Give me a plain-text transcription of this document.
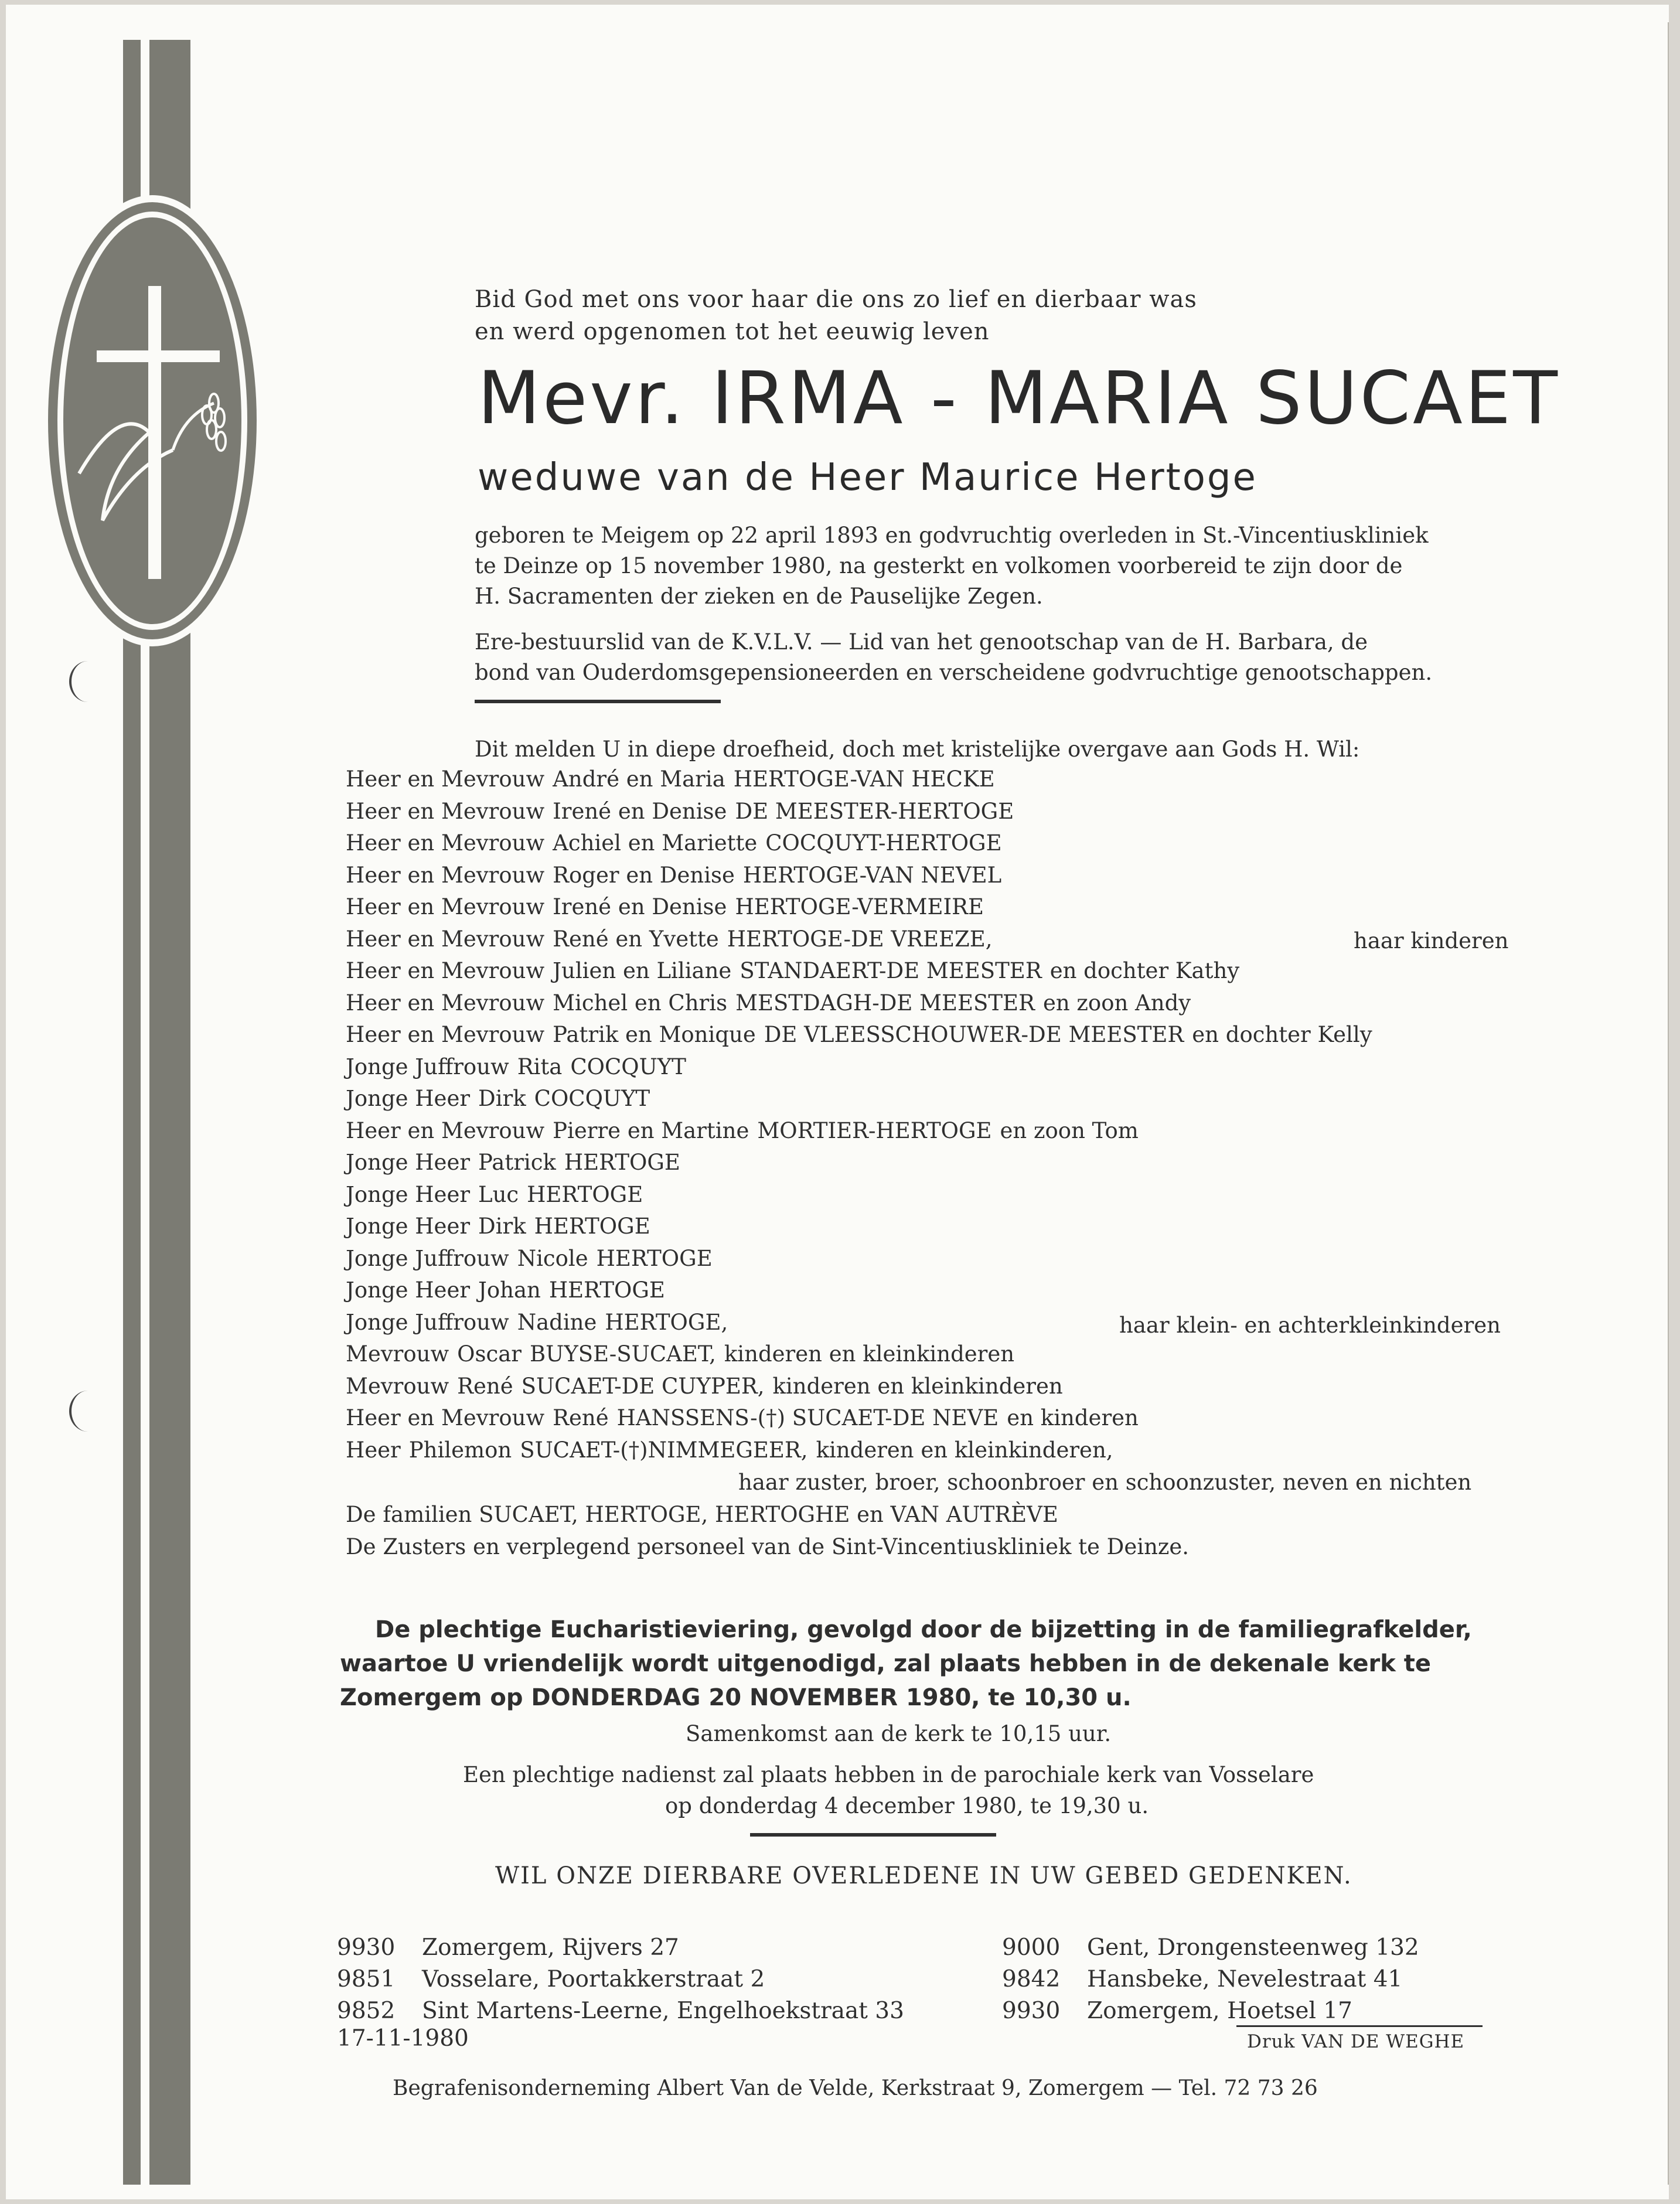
Bid God met ons voor haar die ons zo lief en dierbaar was
en werd opgenomen tot het eeuwig leven
Mevr. IRMA - MARIA SUCAET
weduwe van de Heer Maurice Hertoge
geboren te Meigem op 22 april 1893 en godvruchtig overleden in St.-Vincentiuskliniek
te Deinze op 15 november 1980, na gesterkt en volkomen voorbereid te zijn door de
H. Sacramenten der zieken en de Pauselijke Zegen.
Ere-bestuurslid van de K.V.L.V. — Lid van het genootschap van de H. Barbara, de
bond van Ouderdomsgepensioneerden en verscheidene godvruchtige genootschappen.
Dit melden U in diepe droefheid, doch met kristelijke overgave aan Gods H. Wil:
Heer en Mevrouw André en Maria HERTOGE-VAN HECKE
Heer en Mevrouw Irené en Denise DE MEESTER-HERTOGE
Heer en Mevrouw Achiel en Mariette COCQUYT-HERTOGE
Heer en Mevrouw Roger en Denise HERTOGE-VAN NEVEL
Heer en Mevrouw Irené en Denise HERTOGE-VERMEIRE
Heer en Mevrouw René en Yvette HERTOGE-DE VREEZE,
Heer en Mevrouw Julien en Liliane STANDAERT-DE MEESTER en dochter Kathy
Heer en Mevrouw Michel en Chris MESTDAGH-DE MEESTER en zoon Andy
Heer en Mevrouw Patrik en Monique DE VLEESSCHOUWER-DE MEESTER en dochter Kelly
Jonge Juffrouw Rita COCQUYT
Jonge Heer Dirk COCQUYT
Heer en Mevrouw Pierre en Martine MORTIER-HERTOGE en zoon Tom
Jonge Heer Patrick HERTOGE
Jonge Heer Luc HERTOGE
Jonge Heer Dirk HERTOGE
Jonge Juffrouw Nicole HERTOGE
Jonge Heer Johan HERTOGE
Jonge Juffrouw Nadine HERTOGE,
Mevrouw Oscar BUYSE-SUCAET, kinderen en kleinkinderen
Mevrouw René SUCAET-DE CUYPER, kinderen en kleinkinderen
Heer en Mevrouw René HANSSENS-(†) SUCAET-DE NEVE en kinderen
Heer Philemon SUCAET-(†)NIMMEGEER, kinderen en kleinkinderen,
haar kinderen
haar klein- en achterkleinkinderen
haar zuster, broer, schoonbroer en schoonzuster, neven en nichten
De familien SUCAET, HERTOGE, HERTOGHE en VAN AUTRÈVE
De Zusters en verplegend personeel van de Sint-Vincentiuskliniek te Deinze.
De plechtige Eucharistieviering, gevolgd door de bijzetting in de familiegrafkelder,
waartoe U vriendelijk wordt uitgenodigd, zal plaats hebben in de dekenale kerk te
Zomergem op DONDERDAG 20 NOVEMBER 1980, te 10,30 u.
Samenkomst aan de kerk te 10,15 uur.
Een plechtige nadienst zal plaats hebben in de parochiale kerk van Vosselare
op donderdag 4 december 1980, te 19,30 u.
WIL ONZE DIERBARE OVERLEDENE IN UW GEBED GEDENKEN.
9930 Zomergem, Rijvers 27
9851 Vosselare, Poortakkerstraat 2
9852 Sint Martens-Leerne, Engelhoekstraat 33
9000 Gent, Drongensteenweg 132
9842 Hansbeke, Nevelestraat 41
9930 Zomergem, Hoetsel 17
17-11-1980	Druk VAN DE WEGHE
Begrafenisonderneming Albert Van de Velde, Kerkstraat 9, Zomergem — Tel. 72 73 26
